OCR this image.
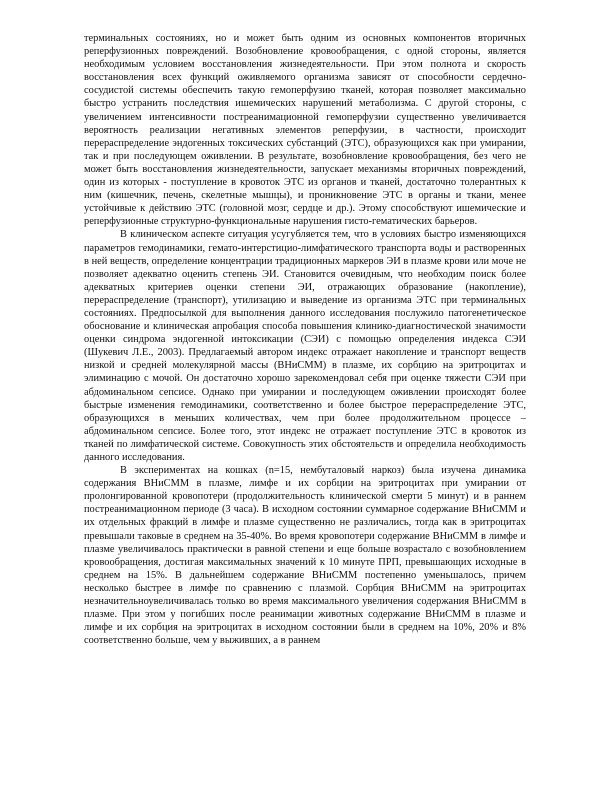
терминальных состояниях, но и может быть одним из основных компонентов вторичных реперфузионных повреждений. Возобновление кровообращения, с одной стороны, является необходимым условием восстановления жизнедеятельности. При этом полнота и скорость восстановления всех функций оживляемого организма зависят от способности сердечно-сосудистой системы обеспечить такую гемоперфузию тканей, которая позволяет максимально быстро устранить последствия ишемических нарушений метаболизма. С другой стороны, с увеличением интенсивности постреанимационной гемоперфузии существенно увеличивается вероятность реализации негативных элементов реперфузии, в частности, происходит перераспределение эндогенных токсических субстанций (ЭТС), образующихся как при умирании, так и при последующем оживлении. В результате, возобновление кровообращения, без чего не может быть восстановления жизнедеятельности, запускает механизмы вторичных повреждений, один из которых - поступление в кровоток ЭТС из органов и тканей, достаточно толерантных к ним (кишечник, печень, скелетные мышцы), и проникновение ЭТС в органы и ткани, менее устойчивые к действию ЭТС (головной мозг, сердце и др.). Этому способствуют ишемические и реперфузионные структурно-функциональные нарушения гисто-гематических барьеров.

В клиническом аспекте ситуация усугубляется тем, что в условиях быстро изменяющихся параметров гемодинамики, гемато-интерстицио-лимфатического транспорта воды и растворенных в ней веществ, определение концентрации традиционных маркеров ЭИ в плазме крови или моче не позволяет адекватно оценить степень ЭИ. Становится очевидным, что необходим поиск более адекватных критериев оценки степени ЭИ, отражающих образование (накопление), перераспределение (транспорт), утилизацию и выведение из организма ЭТС при терминальных состояниях. Предпосылкой для выполнения данного исследования послужило патогенетическое обоснование и клиническая апробация способа повышения клинико-диагностической значимости оценки синдрома эндогенной интоксикации (СЭИ) с помощью определения индекса СЭИ (Шукевич Л.Е., 2003). Предлагаемый автором индекс отражает накопление и транспорт веществ низкой и средней молекулярной массы (ВНиСММ) в плазме, их сорбцию на эритроцитах и элиминацию с мочой. Он достаточно хорошо зарекомендовал себя при оценке тяжести СЭИ при абдоминальном сепсисе. Однако при умирании и последующем оживлении происходят более быстрые изменения гемодинамики, соответственно и более быстрое перераспределение ЭТС, образующихся в меньших количествах, чем при более продолжительном процессе – абдоминальном сепсисе. Более того, этот индекс не отражает поступление ЭТС в кровоток из тканей по лимфатической системе. Совокупность этих обстоятельств и определила необходимость данного исследования.

В экспериментах на кошках (n=15, нембуталовый наркоз) была изучена динамика содержания ВНиСММ в плазме, лимфе и их сорбции на эритроцитах при умирании от пролонгированной кровопотери (продолжительность клинической смерти 5 минут) и в раннем постреанимационном периоде (3 часа). В исходном состоянии суммарное содержание ВНиСММ и их отдельных фракций в лимфе и плазме существенно не различались, тогда как в эритроцитах превышали таковые в среднем на 35-40%. Во время кровопотери содержание ВНиСММ в лимфе и плазме увеличивалось практически в равной степени и еще больше возрастало с возобновлением кровообращения, достигая максимальных значений к 10 минуте ПРП, превышающих исходные в среднем на 15%. В дальнейшем содержание ВНиСММ постепенно уменьшалось, причем несколько быстрее в лимфе по сравнению с плазмой. Сорбция ВНиСММ на эритроцитах незначительноувеличивалась только во время максимального увеличения содержания ВНиСММ в плазме. При этом у погибших после реанимации животных содержание ВНиСММ в плазме и лимфе и их сорбция на эритроцитах в исходном состоянии были в среднем на 10%, 20% и 8% соответственно больше, чем у выживших, а в раннем
